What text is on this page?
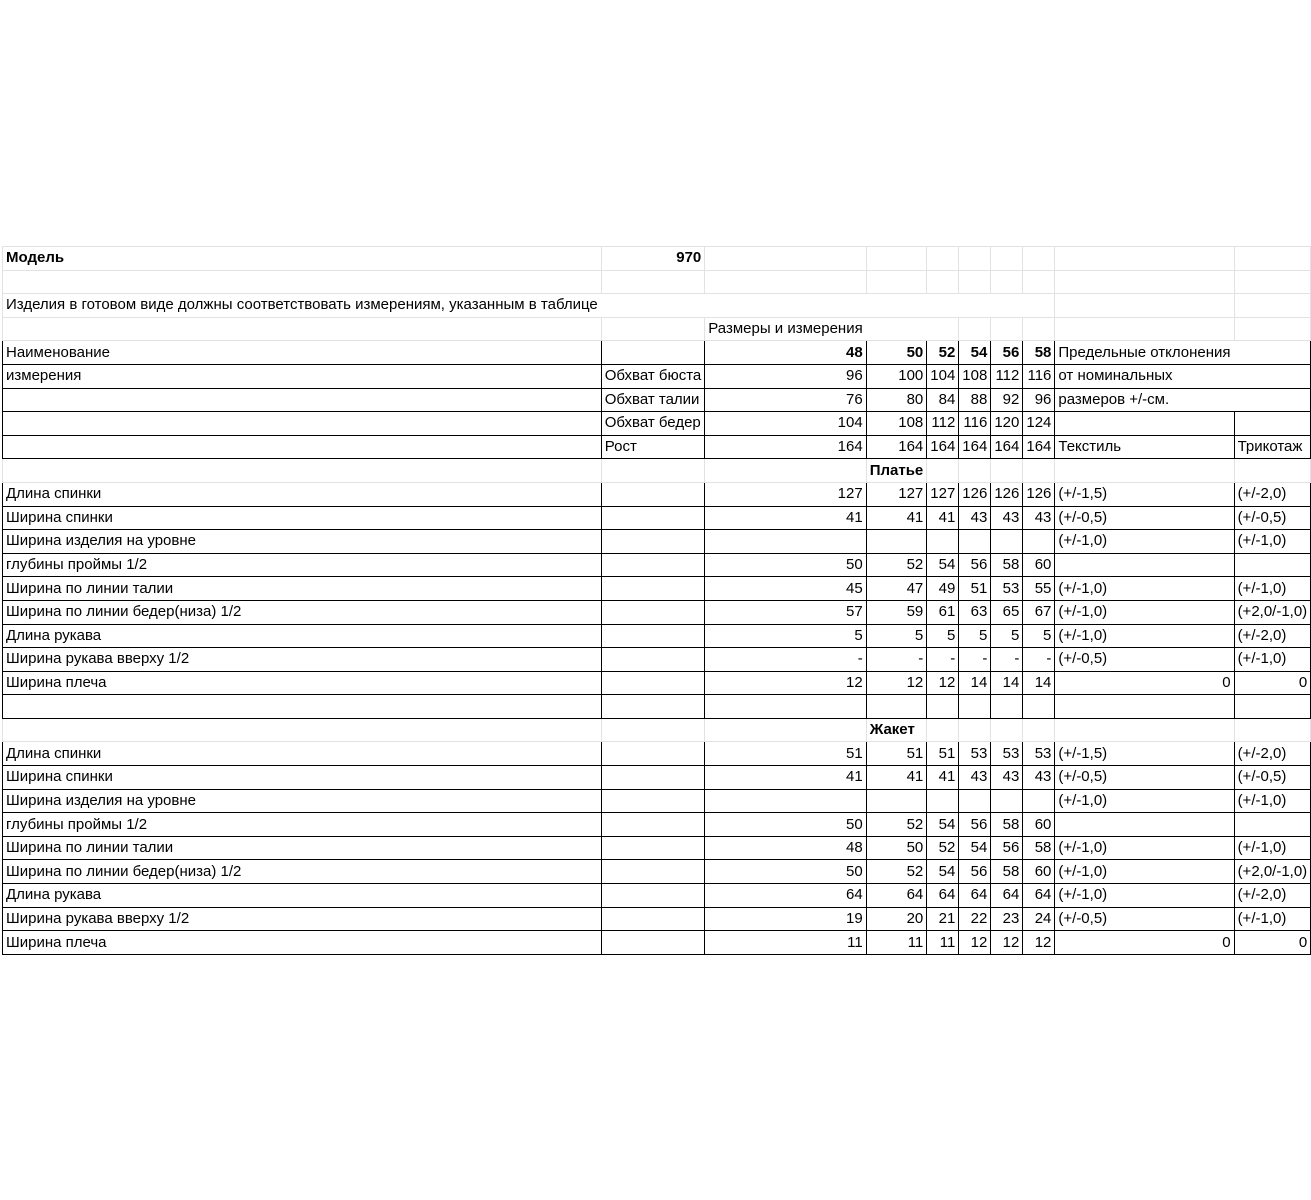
Модель	970								

Изделия в готовом виде должны соответствовать измерениям, указанным в таблице									
		Размеры и измерения							
Наименование		48	50	52	54	56	58	Предельные отклонения	
измерения	Обхват бюста	96	100	104	108	112	116	от номинальных	
	Обхват талии	76	80	84	88	92	96	размеров +/-см.	
	Обхват бедер	104	108	112	116	120	124		
	Рост	164	164	164	164	164	164	Текстиль	Трикотаж
			Платье						
Длина спинки		127	127	127	126	126	126	(+/-1,5)	(+/-2,0)
Ширина спинки		41	41	41	43	43	43	(+/-0,5)	(+/-0,5)
Ширина изделия на уровне								(+/-1,0)	(+/-1,0)
глубины проймы 1/2		50	52	54	56	58	60		
Ширина по линии талии		45	47	49	51	53	55	(+/-1,0)	(+/-1,0)
Ширина по линии бедер(низа) 1/2		57	59	61	63	65	67	(+/-1,0)	(+2,0/-1,0)
Длина рукава		5	5	5	5	5	5	(+/-1,0)	(+/-2,0)
Ширина рукава вверху 1/2		-	-	-	-	-	-	(+/-0,5)	(+/-1,0)
Ширина плеча		12	12	12	14	14	14	0	0

			Жакет						
Длина спинки		51	51	51	53	53	53	(+/-1,5)	(+/-2,0)
Ширина спинки		41	41	41	43	43	43	(+/-0,5)	(+/-0,5)
Ширина изделия на уровне								(+/-1,0)	(+/-1,0)
глубины проймы 1/2		50	52	54	56	58	60		
Ширина по линии талии		48	50	52	54	56	58	(+/-1,0)	(+/-1,0)
Ширина по линии бедер(низа) 1/2		50	52	54	56	58	60	(+/-1,0)	(+2,0/-1,0)
Длина рукава		64	64	64	64	64	64	(+/-1,0)	(+/-2,0)
Ширина рукава вверху 1/2		19	20	21	22	23	24	(+/-0,5)	(+/-1,0)
Ширина плеча		11	11	11	12	12	12	0	0
